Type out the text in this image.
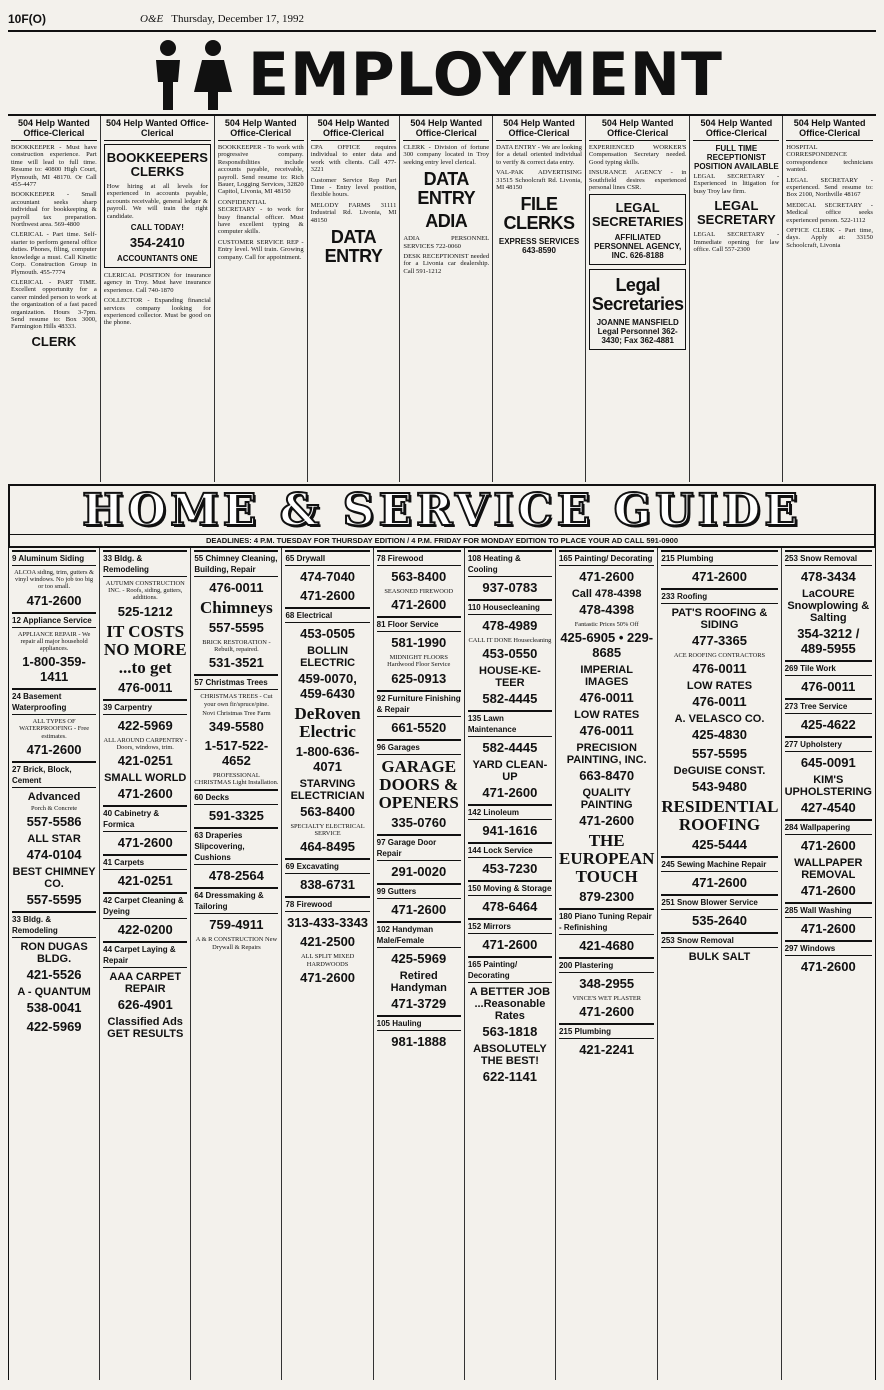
10F(O)	O&E Thursday, December 17, 1992
EMPLOYMENT
504 Help Wanted Office-Clerical
BOOKKEEPER - Must have construction experience. Part time will lead to full time. Resume to: 40800 High Court, Plymouth, MI 48170. Or Call 455-4477
BOOKKEEPER - Small accountant seeks sharp individual for bookkeeping & payroll tax preparation. Northwest area. 569-4800
CLERICAL - Part time. Self-starter to perform general office duties. Phones, filing, computer knowledge a must. Call Kinetic Corp. Construction Group in Plymouth. 455-7774
CLERICAL - PART TIME. Excellent opportunity for a career minded person to work at the organization of a fast paced organization. Hours 3-7pm. Send resume to: Box 3000, Farmington Hills 48333.
CLERK
504 Help Wanted Office-Clerical
BOOKKEEPERS CLERKS
How hiring at all levels for experienced in accounts payable, accounts receivable, general ledger & payroll. We will train the right candidate.
CALL TODAY!
354-2410
ACCOUNTANTS ONE
CLERICAL POSITION for insurance agency in Troy. Must have insurance experience. Call 740-1870
COLLECTOR - Expanding financial services company looking for experienced collector. Must be good on the phone.
504 Help Wanted Office-Clerical
BOOKKEEPER - To work with progressive company. Responsibilities include accounts payable, receivable, payroll. Send resume to: Rich Bauer, Logging Services, 32820 Capitol, Livonia, MI 48150
CONFIDENTIAL SECRETARY - to work for busy financial officer. Must have excellent typing & computer skills.
CUSTOMER SERVICE REP - Entry level. Will train. Growing company. Call for appointment.
504 Help Wanted Office-Clerical
CPA OFFICE requires individual to enter data and work with clients. Call 477-3221
Customer Service Rep Part Time - Entry level position, flexible hours.
MELODY FARMS 31111 Industrial Rd. Livonia, MI 48150
DATA ENTRY
504 Help Wanted Office-Clerical
CLERK - Division of fortune 300 company located in Troy seeking entry level clerical.
DATA ENTRY
ADIA
ADIA PERSONNEL SERVICES 722-0060
DESK RECEPTIONIST needed for a Livonia car dealership. Call 591-1212
504 Help Wanted Office-Clerical
DATA ENTRY - We are looking for a detail oriented individual to verify & correct data entry.
VAL-PAK ADVERTISING 31515 Schoolcraft Rd. Livonia, MI 48150
FILE CLERKS
EXPRESS SERVICES 643-8590
504 Help Wanted Office-Clerical
EXPERIENCED WORKER'S Compensation Secretary needed. Good typing skills.
INSURANCE AGENCY - in Southfield desires experienced personal lines CSR.
LEGAL SECRETARIES
AFFILIATED PERSONNEL AGENCY, INC. 626-8188
Legal Secretaries
JOANNE MANSFIELD Legal Personnel 362-3430; Fax 362-4881
504 Help Wanted Office-Clerical
FULL TIME RECEPTIONIST POSITION AVAILABLE
LEGAL SECRETARY - Experienced in litigation for busy Troy law firm.
LEGAL SECRETARY
LEGAL SECRETARY - Immediate opening for law office. Call 557-2300
504 Help Wanted Office-Clerical
HOSPITAL CORRESPONDENCE correspondence technicians wanted.
LEGAL SECRETARY - experienced. Send resume to: Box 2100, Northville 48167
MEDICAL SECRETARY - Medical office seeks experienced person. 522-1112
OFFICE CLERK - Part time, days. Apply at: 33150 Schoolcraft, Livonia
HOME & SERVICE GUIDE
DEADLINES: 4 P.M. TUESDAY FOR THURSDAY EDITION / 4 P.M. FRIDAY FOR MONDAY EDITION TO PLACE YOUR AD CALL 591-0900
9 Aluminum Siding
ALCOA siding, trim, gutters & vinyl windows. No job too big or too small.
471-2600
12 Appliance Service
APPLIANCE REPAIR - We repair all major household appliances.
1-800-359-1411
24 Basement Waterproofing
ALL TYPES OF WATERPROOFING - Free estimates.
471-2600
27 Brick, Block, Cement
Advanced
Porch & Concrete
557-5586
ALL STAR
474-0104
BEST CHIMNEY CO.
557-5595
33 Bldg. & Remodeling
RON DUGAS BLDG.
421-5526
A - QUANTUM
538-0041
422-5969
33 Bldg. & Remodeling
AUTUMN CONSTRUCTION INC. - Roofs, siding, gutters, additions.
525-1212
IT COSTS NO MORE ...to get
476-0011
39 Carpentry
422-5969
ALL AROUND CARPENTRY - Doors, windows, trim.
421-0251
SMALL WORLD
471-2600
40 Cabinetry & Formica
471-2600
41 Carpets
421-0251
42 Carpet Cleaning & Dyeing
422-0200
44 Carpet Laying & Repair
AAA CARPET REPAIR
626-4901
Classified Ads GET RESULTS
55 Chimney Cleaning, Building, Repair
476-0011
Chimneys
557-5595
BRICK RESTORATION - Rebuilt, repaired.
531-3521
57 Christmas Trees
CHRISTMAS TREES - Cut your own fir/spruce/pine.
Novi Christmas Tree Farm
349-5580
1-517-522-4652
PROFESSIONAL CHRISTMAS Light Installation.
60 Decks
591-3325
63 Draperies Slipcovering, Cushions
478-2564
64 Dressmaking & Tailoring
759-4911
A & R CONSTRUCTION New Drywall & Repairs
65 Drywall
474-7040
471-2600
68 Electrical
453-0505
BOLLIN ELECTRIC
459-0070, 459-6430
DeRoven Electric
1-800-636-4071
STARVING ELECTRICIAN
563-8400
SPECIALTY ELECTRICAL SERVICE
464-8495
69 Excavating
838-6731
78 Firewood
313-433-3343
421-2500
ALL SPLIT MIXED HARDWOODS
471-2600
78 Firewood
563-8400
SEASONED FIREWOOD
471-2600
81 Floor Service
581-1990
MIDNIGHT FLOORS Hardwood Floor Service
625-0913
92 Furniture Finishing & Repair
661-5520
96 Garages
GARAGE DOORS & OPENERS
335-0760
97 Garage Door Repair
291-0020
99 Gutters
471-2600
102 Handyman Male/Female
425-5969
Retired Handyman
471-3729
105 Hauling
981-1888
108 Heating & Cooling
937-0783
110 Housecleaning
478-4989
CALL IT DONE Housecleaning
453-0550
HOUSE-KE-TEER
582-4445
135 Lawn Maintenance
582-4445
YARD CLEAN-UP
471-2600
142 Linoleum
941-1616
144 Lock Service
453-7230
150 Moving & Storage
478-6464
152 Mirrors
471-2600
165 Painting/ Decorating
A BETTER JOB ...Reasonable Rates
563-1818
ABSOLUTELY THE BEST!
622-1141
165 Painting/ Decorating
471-2600
Call 478-4398
478-4398
Fantastic Prices 50% Off
425-6905 • 229-8685
IMPERIAL IMAGES
476-0011
LOW RATES
476-0011
PRECISION PAINTING, INC.
663-8470
QUALITY PAINTING
471-2600
THE EUROPEAN TOUCH
879-2300
180 Piano Tuning Repair - Refinishing
421-4680
200 Plastering
348-2955
VINCE'S WET PLASTER
471-2600
215 Plumbing
421-2241
215 Plumbing
471-2600
233 Roofing
PAT'S ROOFING & SIDING
477-3365
ACE ROOFING CONTRACTORS
476-0011
LOW RATES
476-0011
A. VELASCO CO.
425-4830
557-5595
DeGUISE CONST.
543-9480
RESIDENTIAL ROOFING
425-5444
245 Sewing Machine Repair
471-2600
251 Snow Blower Service
535-2640
253 Snow Removal
BULK SALT
253 Snow Removal
478-3434
LaCOURE Snowplowing & Salting
354-3212 / 489-5955
269 Tile Work
476-0011
273 Tree Service
425-4622
277 Upholstery
645-0091
KIM'S UPHOLSTERING
427-4540
284 Wallpapering
471-2600
WALLPAPER REMOVAL
471-2600
285 Wall Washing
471-2600
297 Windows
471-2600
